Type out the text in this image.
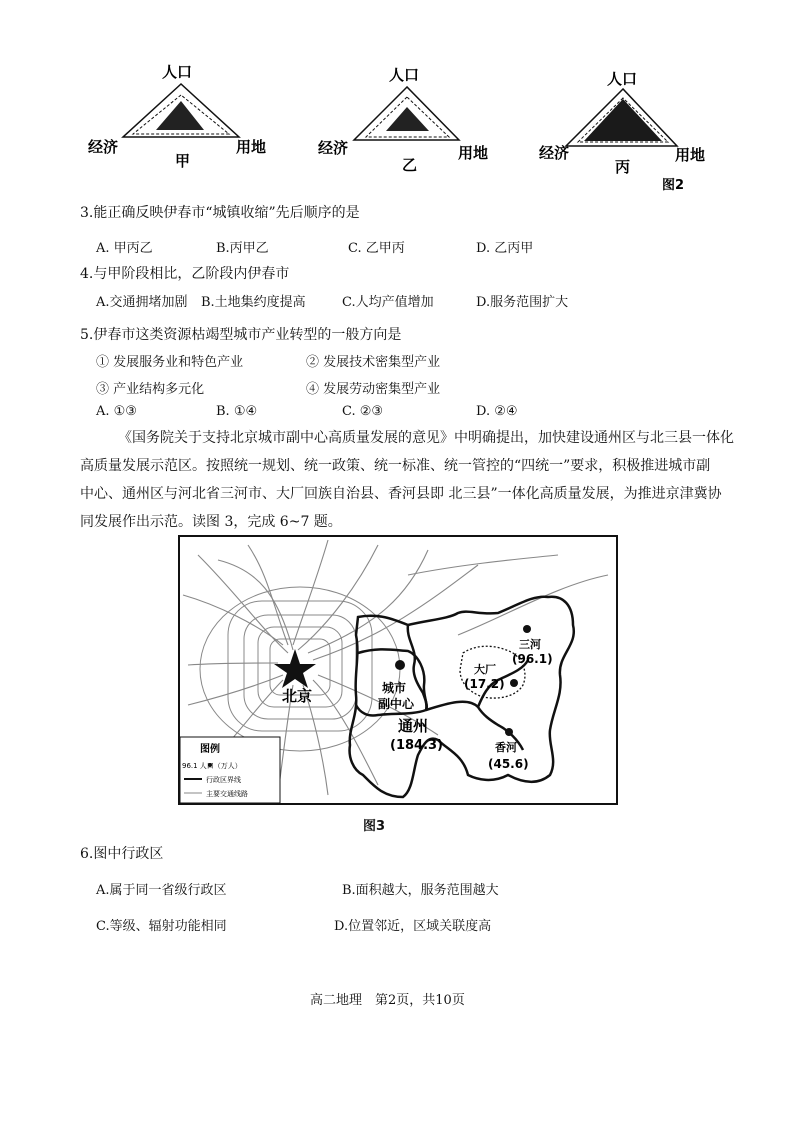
人口
经济	用地
甲
人口
经济	用地
乙
人口
经济	用地
丙
图2
3.能正确反映伊春市“城镇收缩”先后顺序的是
A. 甲丙乙	B.丙甲乙	C. 乙甲丙	D. 乙丙甲
4.与甲阶段相比，乙阶段内伊春市
A.交通拥堵加剧 B.土地集约度提高	C.人均产值增加	D.服务范围扩大
5.伊春市这类资源枯竭型城市产业转型的一般方向是
① 发展服务业和特色产业	② 发展技术密集型产业
③ 产业结构多元化	④ 发展劳动密集型产业
A. ①③	B. ①④	C. ②③	D. ②④
《国务院关于支持北京城市副中心高质量发展的意见》中明确提出，加快建设通州区与北三县一体化
高质量发展示范区。按照统一规划、统一政策、统一标准、统一管控的“四统一”要求，积极推进城市副
中心、通州区与河北省三河市、大厂回族自治县、香河县即 北三县”一体化高质量发展，为推进京津冀协
同发展作出示范。读图 3，完成 6~7 题。
北京	城市
副中心
通州
(184.3)
三河
(96.1)
大厂
(17.2)
香河
(45.6)
图例
96.1 人口（万人）
行政区界线
主要交通线路
图3
6.图中行政区
A.属于同一省级行政区	B.面积越大，服务范围越大
C.等级、辐射功能相同	D.位置邻近，区域关联度高
高二地理　第2页，共10页
